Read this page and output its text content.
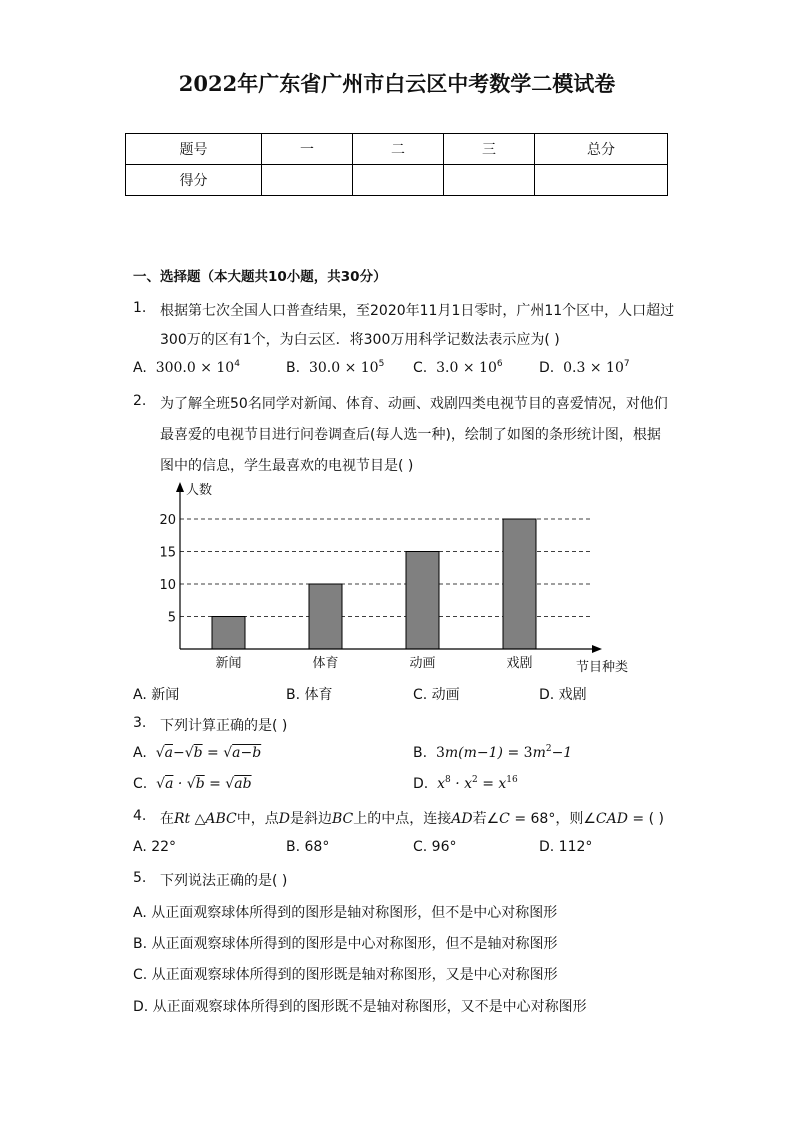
2022年广东省广州市白云区中考数学二模试卷
题号	一	二	三	总分
得分				
一、选择题（本大题共10小题，共30分）
1. 根据第七次全国人口普查结果，至2020年11月1日零时，广州11个区中，人口超过
300万的区有1个，为白云区．将300万用科学记数法表示应为( )
A. $300.0 \times 10^4$	B. $30.0 \times 10^5$ C. $3.0 \times 10^6$	D. $0.3 \times 10^7$
2. 为了解全班50名同学对新闻、体育、动画、戏剧四类电视节目的喜爱情况，对他们
最喜爱的电视节目进行问卷调查后(每人选一种)，绘制了如图的条形统计图，根据
图中的信息，学生最喜欢的电视节目是( )
5
10
15
20
新闻	体育	动画	戏剧
人数
节目种类
A. 新闻	B. 体育	C. 动画	D. 戏剧
3. 下列计算正确的是( )
A. √a−√b = √a−b	B. $3m(m-1) = 3m^2-1$
C. √a · √b = √ab	D. $x^8 \cdot x^2 = x^{16}$
4. 在Rt △ABC中，点D是斜边BC上的中点，连接AD若∠C = 68°，则∠CAD = ( )
A. 22°	B. 68°	C. 96°	D. 112°
5. 下列说法正确的是( )
A. 从正面观察球体所得到的图形是轴对称图形，但不是中心对称图形
B. 从正面观察球体所得到的图形是中心对称图形，但不是轴对称图形
C. 从正面观察球体所得到的图形既是轴对称图形，又是中心对称图形
D. 从正面观察球体所得到的图形既不是轴对称图形，又不是中心对称图形
